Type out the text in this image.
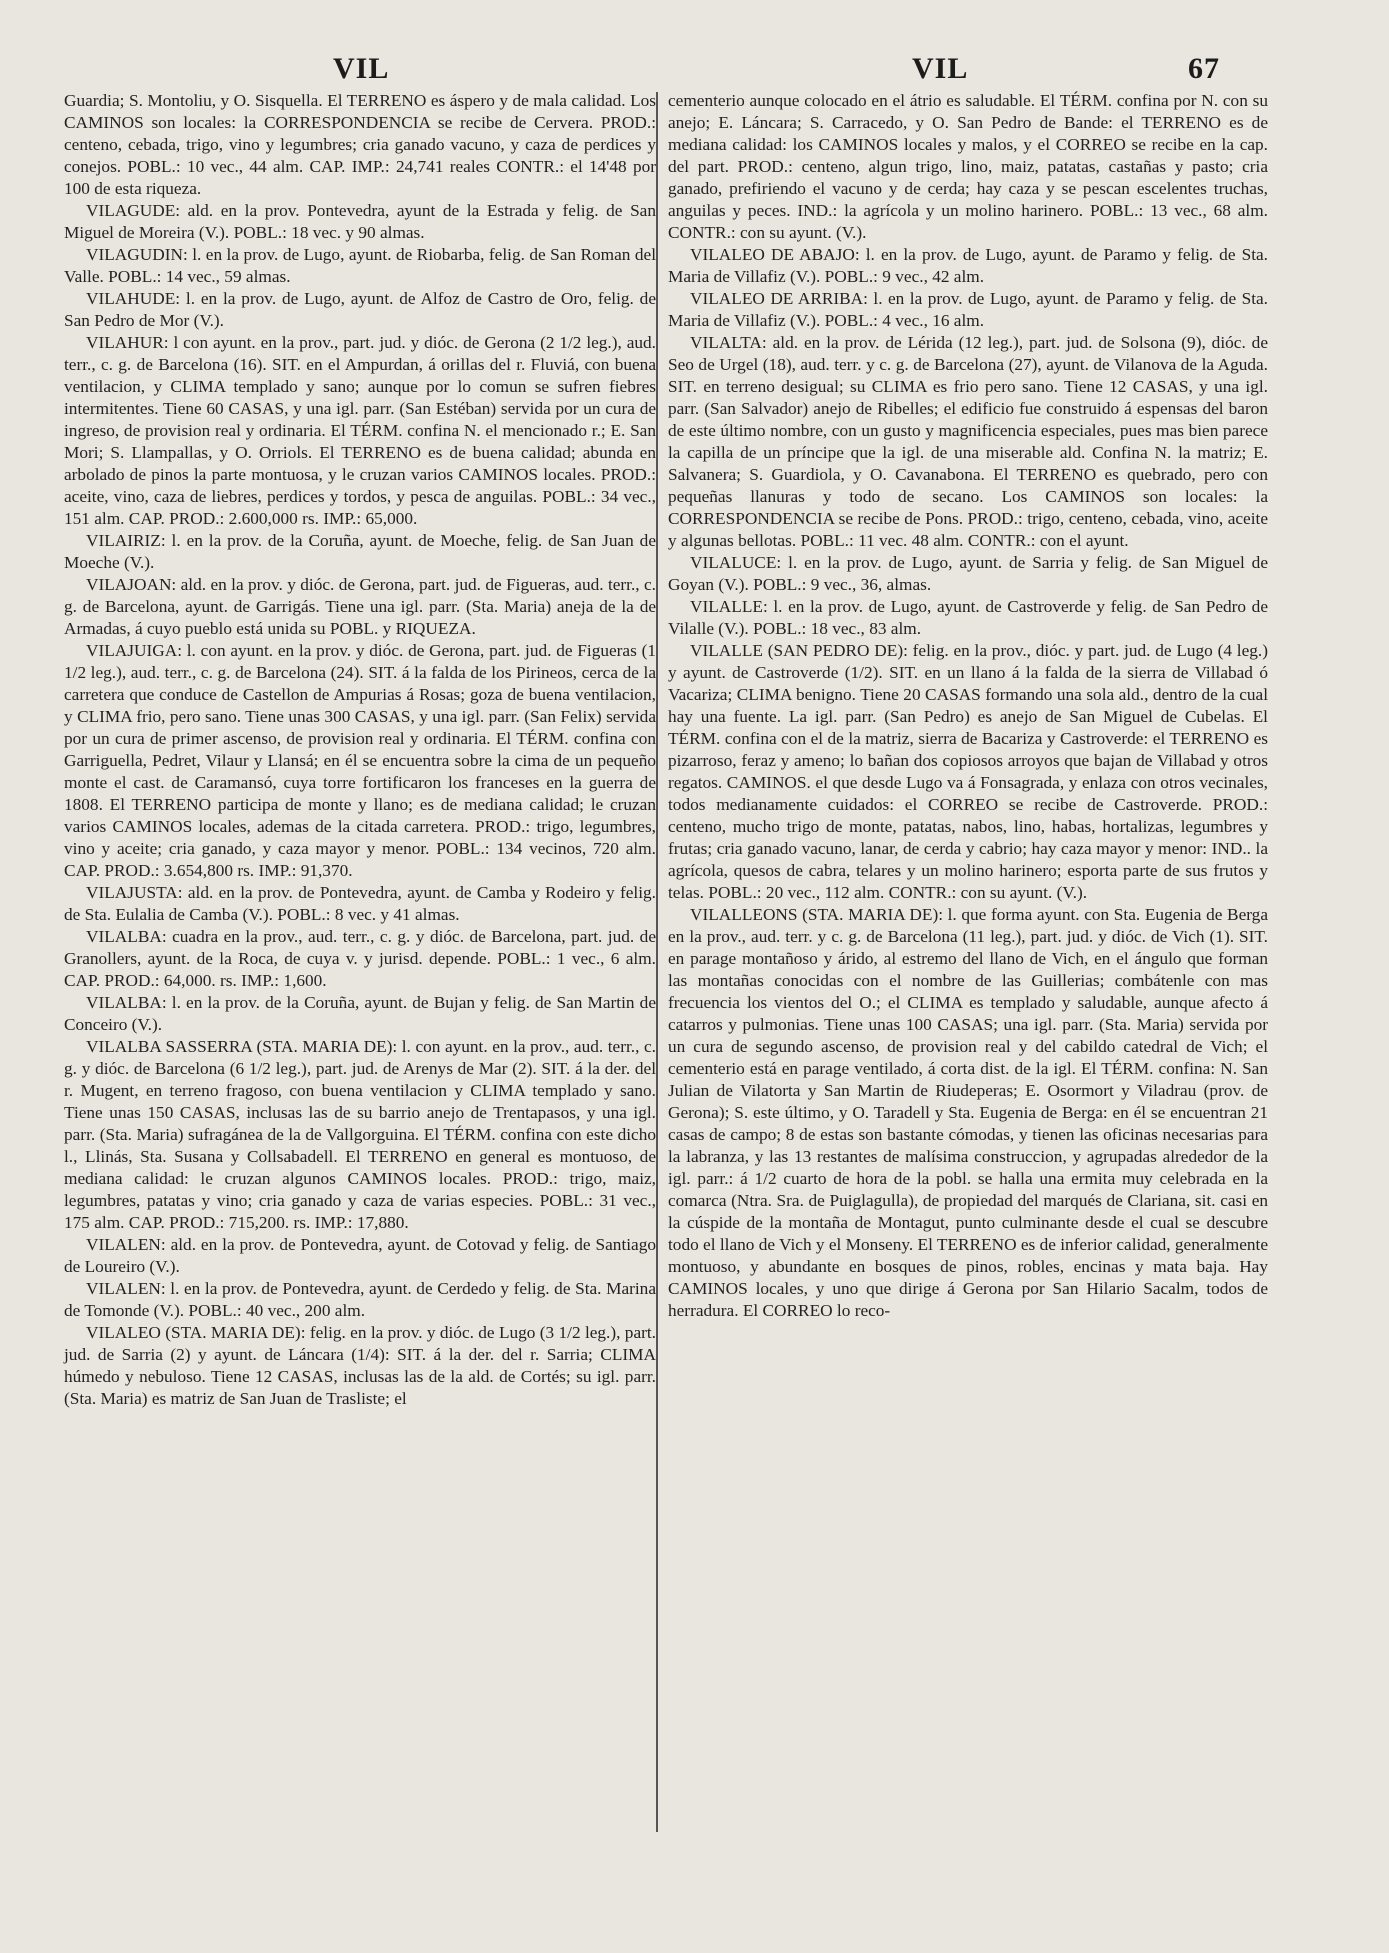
VIL	VIL	67

Guardia; S. Montoliu, y O. Sisquella. El TERRENO es áspero y de mala calidad. Los CAMINOS son locales: la CORRESPONDENCIA se recibe de Cervera. PROD.: centeno, cebada, trigo, vino y legumbres; cria ganado vacuno, y caza de perdices y conejos. POBL.: 10 vec., 44 alm. CAP. IMP.: 24,741 reales CONTR.: el 14'48 por 100 de esta riqueza.

VILAGUDE: ald. en la prov. Pontevedra, ayunt de la Estrada y felig. de San Miguel de Moreira (V.). POBL.: 18 vec. y 90 almas.

VILAGUDIN: l. en la prov. de Lugo, ayunt. de Riobarba, felig. de San Roman del Valle. POBL.: 14 vec., 59 almas.

VILAHUDE: l. en la prov. de Lugo, ayunt. de Alfoz de Castro de Oro, felig. de San Pedro de Mor (V.).

VILAHUR: l con ayunt. en la prov., part. jud. y dióc. de Gerona (2 1/2 leg.), aud. terr., c. g. de Barcelona (16). SIT. en el Ampurdan, á orillas del r. Fluviá, con buena ventilacion, y CLIMA templado y sano; aunque por lo comun se sufren fiebres intermitentes. Tiene 60 CASAS, y una igl. parr. (San Estéban) servida por un cura de ingreso, de provision real y ordinaria. El TÉRM. confina N. el mencionado r.; E. San Mori; S. Llampallas, y O. Orriols. El TERRENO es de buena calidad; abunda en arbolado de pinos la parte montuosa, y le cruzan varios CAMINOS locales. PROD.: aceite, vino, caza de liebres, perdices y tordos, y pesca de anguilas. POBL.: 34 vec., 151 alm. CAP. PROD.: 2.600,000 rs. IMP.: 65,000.

VILAIRIZ: l. en la prov. de la Coruña, ayunt. de Moeche, felig. de San Juan de Moeche (V.).

VILAJOAN: ald. en la prov. y dióc. de Gerona, part. jud. de Figueras, aud. terr., c. g. de Barcelona, ayunt. de Garrigás. Tiene una igl. parr. (Sta. Maria) aneja de la de Armadas, á cuyo pueblo está unida su POBL. y RIQUEZA.

VILAJUIGA: l. con ayunt. en la prov. y dióc. de Gerona, part. jud. de Figueras (1 1/2 leg.), aud. terr., c. g. de Barcelona (24). SIT. á la falda de los Pirineos, cerca de la carretera que conduce de Castellon de Ampurias á Rosas; goza de buena ventilacion, y CLIMA frio, pero sano. Tiene unas 300 CASAS, y una igl. parr. (San Felix) servida por un cura de primer ascenso, de provision real y ordinaria. El TÉRM. confina con Garriguella, Pedret, Vilaur y Llansá; en él se encuentra sobre la cima de un pequeño monte el cast. de Caramansó, cuya torre fortificaron los franceses en la guerra de 1808. El TERRENO participa de monte y llano; es de mediana calidad; le cruzan varios CAMINOS locales, ademas de la citada carretera. PROD.: trigo, legumbres, vino y aceite; cria ganado, y caza mayor y menor. POBL.: 134 vecinos, 720 alm. CAP. PROD.: 3.654,800 rs. IMP.: 91,370.

VILAJUSTA: ald. en la prov. de Pontevedra, ayunt. de Camba y Rodeiro y felig. de Sta. Eulalia de Camba (V.). POBL.: 8 vec. y 41 almas.

VILALBA: cuadra en la prov., aud. terr., c. g. y dióc. de Barcelona, part. jud. de Granollers, ayunt. de la Roca, de cuya v. y jurisd. depende. POBL.: 1 vec., 6 alm. CAP. PROD.: 64,000. rs. IMP.: 1,600.

VILALBA: l. en la prov. de la Coruña, ayunt. de Bujan y felig. de San Martin de Conceiro (V.).

VILALBA SASSERRA (STA. MARIA DE): l. con ayunt. en la prov., aud. terr., c. g. y dióc. de Barcelona (6 1/2 leg.), part. jud. de Arenys de Mar (2). SIT. á la der. del r. Mugent, en terreno fragoso, con buena ventilacion y CLIMA templado y sano. Tiene unas 150 CASAS, inclusas las de su barrio anejo de Trentapasos, y una igl. parr. (Sta. Maria) sufragánea de la de Vallgorguina. El TÉRM. confina con este dicho l., Llinás, Sta. Susana y Collsabadell. El TERRENO en general es montuoso, de mediana calidad: le cruzan algunos CAMINOS locales. PROD.: trigo, maiz, legumbres, patatas y vino; cria ganado y caza de varias especies. POBL.: 31 vec., 175 alm. CAP. PROD.: 715,200. rs. IMP.: 17,880.

VILALEN: ald. en la prov. de Pontevedra, ayunt. de Cotovad y felig. de Santiago de Loureiro (V.).

VILALEN: l. en la prov. de Pontevedra, ayunt. de Cerdedo y felig. de Sta. Marina de Tomonde (V.). POBL.: 40 vec., 200 alm.

VILALEO (STA. MARIA DE): felig. en la prov. y dióc. de Lugo (3 1/2 leg.), part. jud. de Sarria (2) y ayunt. de Láncara (1/4): SIT. á la der. del r. Sarria; CLIMA húmedo y nebuloso. Tiene 12 CASAS, inclusas las de la ald. de Cortés; su igl. parr. (Sta. Maria) es matriz de San Juan de Trasliste; el

cementerio aunque colocado en el átrio es saludable. El TÉRM. confina por N. con su anejo; E. Láncara; S. Carracedo, y O. San Pedro de Bande: el TERRENO es de mediana calidad: los CAMINOS locales y malos, y el CORREO se recibe en la cap. del part. PROD.: centeno, algun trigo, lino, maiz, patatas, castañas y pasto; cria ganado, prefiriendo el vacuno y de cerda; hay caza y se pescan escelentes truchas, anguilas y peces. IND.: la agrícola y un molino harinero. POBL.: 13 vec., 68 alm. CONTR.: con su ayunt. (V.).

VILALEO DE ABAJO: l. en la prov. de Lugo, ayunt. de Paramo y felig. de Sta. Maria de Villafiz (V.). POBL.: 9 vec., 42 alm.

VILALEO DE ARRIBA: l. en la prov. de Lugo, ayunt. de Paramo y felig. de Sta. Maria de Villafiz (V.). POBL.: 4 vec., 16 alm.

VILALTA: ald. en la prov. de Lérida (12 leg.), part. jud. de Solsona (9), dióc. de Seo de Urgel (18), aud. terr. y c. g. de Barcelona (27), ayunt. de Vilanova de la Aguda. SIT. en terreno desigual; su CLIMA es frio pero sano. Tiene 12 CASAS, y una igl. parr. (San Salvador) anejo de Ribelles; el edificio fue construido á espensas del baron de este último nombre, con un gusto y magnificencia especiales, pues mas bien parece la capilla de un príncipe que la igl. de una miserable ald. Confina N. la matriz; E. Salvanera; S. Guardiola, y O. Cavanabona. El TERRENO es quebrado, pero con pequeñas llanuras y todo de secano. Los CAMINOS son locales: la CORRESPONDENCIA se recibe de Pons. PROD.: trigo, centeno, cebada, vino, aceite y algunas bellotas. POBL.: 11 vec. 48 alm. CONTR.: con el ayunt.

VILALUCE: l. en la prov. de Lugo, ayunt. de Sarria y felig. de San Miguel de Goyan (V.). POBL.: 9 vec., 36, almas.

VILALLE: l. en la prov. de Lugo, ayunt. de Castroverde y felig. de San Pedro de Vilalle (V.). POBL.: 18 vec., 83 alm.

VILALLE (SAN PEDRO DE): felig. en la prov., dióc. y part. jud. de Lugo (4 leg.) y ayunt. de Castroverde (1/2). SIT. en un llano á la falda de la sierra de Villabad ó Vacariza; CLIMA benigno. Tiene 20 CASAS formando una sola ald., dentro de la cual hay una fuente. La igl. parr. (San Pedro) es anejo de San Miguel de Cubelas. El TÉRM. confina con el de la matriz, sierra de Bacariza y Castroverde: el TERRENO es pizarroso, feraz y ameno; lo bañan dos copiosos arroyos que bajan de Villabad y otros regatos. CAMINOS. el que desde Lugo va á Fonsagrada, y enlaza con otros vecinales, todos medianamente cuidados: el CORREO se recibe de Castroverde. PROD.: centeno, mucho trigo de monte, patatas, nabos, lino, habas, hortalizas, legumbres y frutas; cria ganado vacuno, lanar, de cerda y cabrio; hay caza mayor y menor: IND.. la agrícola, quesos de cabra, telares y un molino harinero; esporta parte de sus frutos y telas. POBL.: 20 vec., 112 alm. CONTR.: con su ayunt. (V.).

VILALLEONS (STA. MARIA DE): l. que forma ayunt. con Sta. Eugenia de Berga en la prov., aud. terr. y c. g. de Barcelona (11 leg.), part. jud. y dióc. de Vich (1). SIT. en parage montañoso y árido, al estremo del llano de Vich, en el ángulo que forman las montañas conocidas con el nombre de las Guillerias; combátenle con mas frecuencia los vientos del O.; el CLIMA es templado y saludable, aunque afecto á catarros y pulmonias. Tiene unas 100 CASAS; una igl. parr. (Sta. Maria) servida por un cura de segundo ascenso, de provision real y del cabildo catedral de Vich; el cementerio está en parage ventilado, á corta dist. de la igl. El TÉRM. confina: N. San Julian de Vilatorta y San Martin de Riudeperas; E. Osormort y Viladrau (prov. de Gerona); S. este último, y O. Taradell y Sta. Eugenia de Berga: en él se encuentran 21 casas de campo; 8 de estas son bastante cómodas, y tienen las oficinas necesarias para la labranza, y las 13 restantes de malísima construccion, y agrupadas alrededor de la igl. parr.: á 1/2 cuarto de hora de la pobl. se halla una ermita muy celebrada en la comarca (Ntra. Sra. de Puiglagulla), de propiedad del marqués de Clariana, sit. casi en la cúspide de la montaña de Montagut, punto culminante desde el cual se descubre todo el llano de Vich y el Monseny. El TERRENO es de inferior calidad, generalmente montuoso, y abundante en bosques de pinos, robles, encinas y mata baja. Hay CAMINOS locales, y uno que dirige á Gerona por San Hilario Sacalm, todos de herradura. El CORREO lo reco-
